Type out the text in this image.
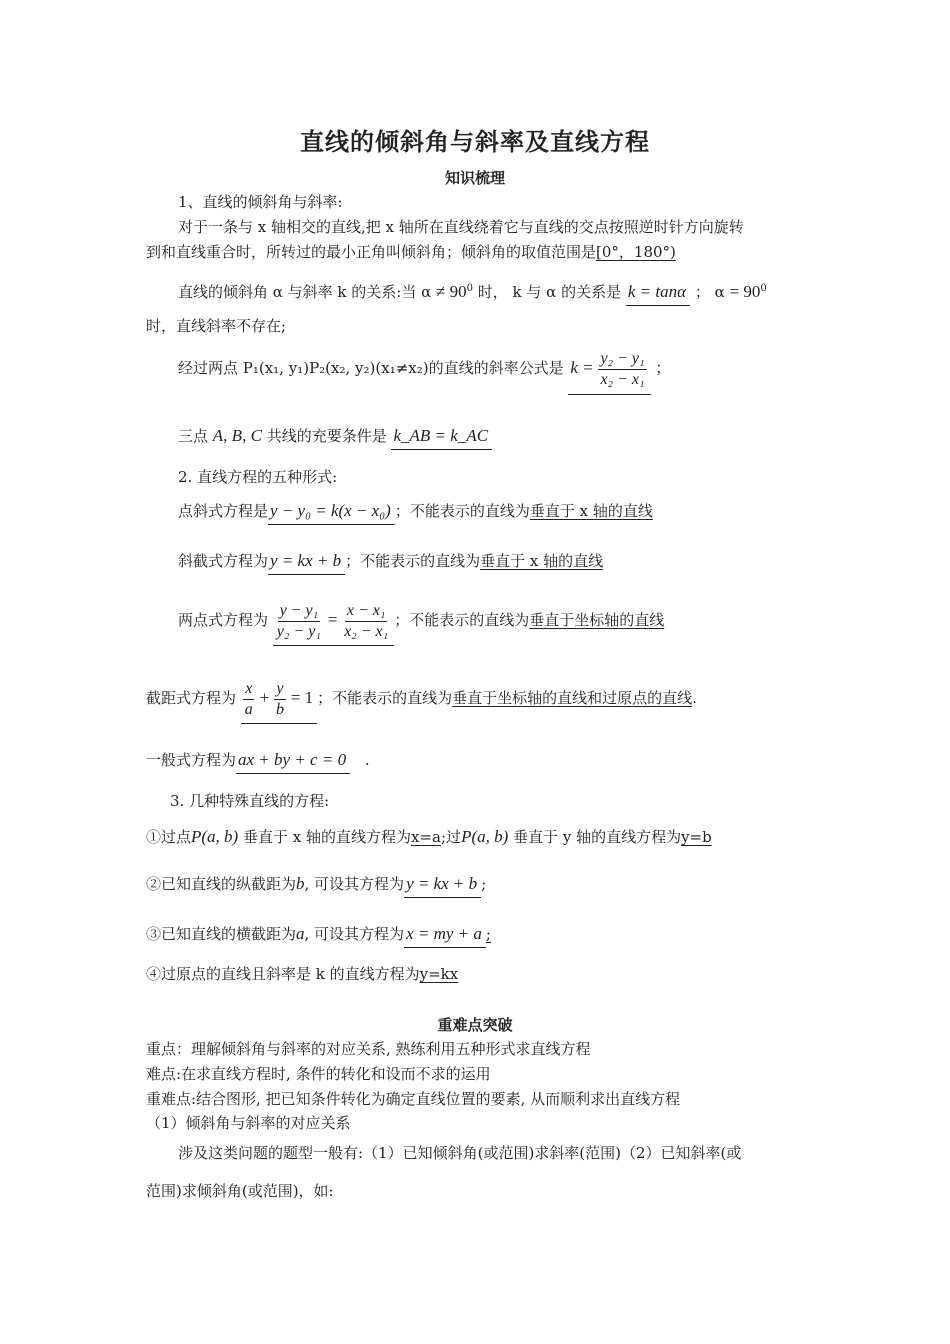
直线的倾斜角与斜率及直线方程
知识梳理
1、直线的倾斜角与斜率:
对于一条与 x 轴相交的直线,把 x 轴所在直线绕着它与直线的交点按照逆时针方向旋转
到和直线重合时，所转过的最小正角叫倾斜角；倾斜角的取值范围是[0°，180°)
直线的倾斜角 α 与斜率 k 的关系:当 $\alpha \ne 90^0$ 时， k 与 α 的关系是 k = tanα ； $\alpha = 90^0$
时，直线斜率不存在;
经过两点 P₁(x₁, y₁)P₂(x₂, y₂)(x₁≠x₂)的直线的斜率公式是 $k = \frac{\text{y₂ − y₁}}{\text{x₂ − x₁}}$ ；
三点 A, B, C 共线的充要条件是 k_AB = k_AC
2. 直线方程的五种形式:
点斜式方程是 y − y₀ = k(x − x₀) ；不能表示的直线为垂直于 x 轴的直线
斜截式方程为 y = kx + b ；不能表示的直线为垂直于 x 轴的直线
两点式方程为 $\frac{\text{y − y₁}}{\text{y₂ − y₁}} = \frac{\text{x − x₁}}{\text{x₂ − x₁}}$ ；不能表示的直线为垂直于坐标轴的直线
截距式方程为 $\frac{x}{a} + \frac{y}{b} = 1$ ；不能表示的直线为垂直于坐标轴的直线和过原点的直线.
一般式方程为 ax + by + c = 0 .
3. 几种特殊直线的方程:
①过点P(a, b) 垂直于 x 轴的直线方程为x=a;过P(a, b) 垂直于 y 轴的直线方程为y=b
②已知直线的纵截距为b, 可设其方程为 y = kx + b ;
③已知直线的横截距为a, 可设其方程为 x = my + a ;
④过原点的直线且斜率是 k 的直线方程为y=kx
重难点突破
重点：理解倾斜角与斜率的对应关系, 熟练利用五种形式求直线方程
难点:在求直线方程时, 条件的转化和设而不求的运用
重难点:结合图形, 把已知条件转化为确定直线位置的要素, 从而顺利求出直线方程
（1）倾斜角与斜率的对应关系
涉及这类问题的题型一般有:（1）已知倾斜角(或范围)求斜率(范围)（2）已知斜率(或
范围)求倾斜角(或范围)，如:
